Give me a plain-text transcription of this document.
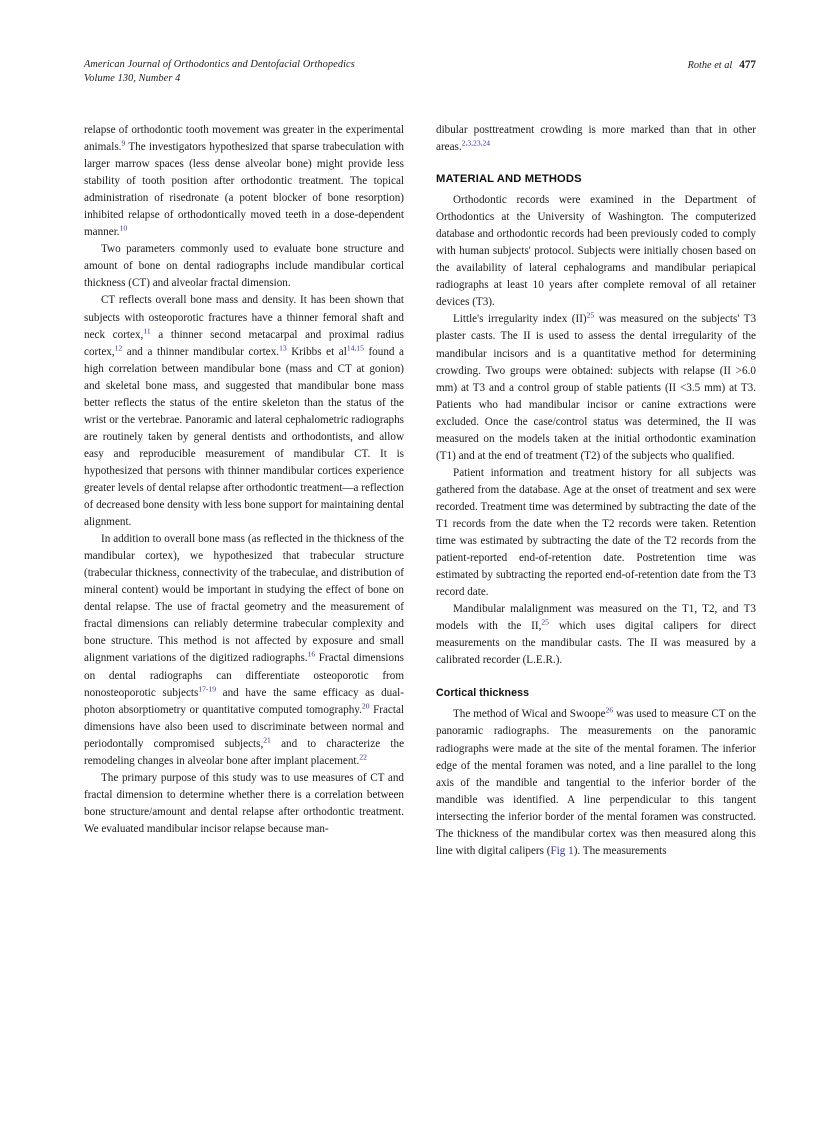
American Journal of Orthodontics and Dentofacial Orthopedics
Volume 130, Number 4
Rothe et al 477

relapse of orthodontic tooth movement was greater in the experimental animals.$^9$ The investigators hypothesized that sparse trabeculation with larger marrow spaces (less dense alveolar bone) might provide less stability of tooth position after orthodontic treatment. The topical administration of risedronate (a potent blocker of bone resorption) inhibited relapse of orthodontically moved teeth in a dose-dependent manner.$^{10}$

Two parameters commonly used to evaluate bone structure and amount of bone on dental radiographs include mandibular cortical thickness (CT) and alveolar fractal dimension.

CT reflects overall bone mass and density. It has been shown that subjects with osteoporotic fractures have a thinner femoral shaft and neck cortex,$^{11}$ a thinner second metacarpal and proximal radius cortex,$^{12}$ and a thinner mandibular cortex.$^{13}$ Kribbs et al$^{14,15}$ found a high correlation between mandibular bone (mass and CT at gonion) and skeletal bone mass, and suggested that mandibular bone mass better reflects the status of the entire skeleton than the status of the wrist or the vertebrae. Panoramic and lateral cephalometric radiographs are routinely taken by general dentists and orthodontists, and allow easy and reproducible measurement of mandibular CT. It is hypothesized that persons with thinner mandibular cortices experience greater levels of dental relapse after orthodontic treatment—a reflection of decreased bone density with less bone support for maintaining dental alignment.

In addition to overall bone mass (as reflected in the thickness of the mandibular cortex), we hypothesized that trabecular structure (trabecular thickness, connectivity of the trabeculae, and distribution of mineral content) would be important in studying the effect of bone on dental relapse. The use of fractal geometry and the measurement of fractal dimensions can reliably determine trabecular complexity and bone structure. This method is not affected by exposure and small alignment variations of the digitized radiographs.$^{16}$ Fractal dimensions on dental radiographs can differentiate osteoporotic from nonosteoporotic subjects$^{17-19}$ and have the same efficacy as dual-photon absorptiometry or quantitative computed tomography.$^{20}$ Fractal dimensions have also been used to discriminate between normal and periodontally compromised subjects,$^{21}$ and to characterize the remodeling changes in alveolar bone after implant placement.$^{22}$

The primary purpose of this study was to use measures of CT and fractal dimension to determine whether there is a correlation between bone structure/amount and dental relapse after orthodontic treatment. We evaluated mandibular incisor relapse because man-

dibular posttreatment crowding is more marked than that in other areas.$^{2,3,23,24}$

MATERIAL AND METHODS

Orthodontic records were examined in the Department of Orthodontics at the University of Washington. The computerized database and orthodontic records had been previously coded to comply with human subjects' protocol. Subjects were initially chosen based on the availability of lateral cephalograms and mandibular periapical radiographs at least 10 years after complete removal of all retainer devices (T3).

Little's irregularity index (II)$^{25}$ was measured on the subjects' T3 plaster casts. The II is used to assess the dental irregularity of the mandibular incisors and is a quantitative method for determining crowding. Two groups were obtained: subjects with relapse (II >6.0 mm) at T3 and a control group of stable patients (II <3.5 mm) at T3. Patients who had mandibular incisor or canine extractions were excluded. Once the case/control status was determined, the II was measured on the models taken at the initial orthodontic examination (T1) and at the end of treatment (T2) of the subjects who qualified.

Patient information and treatment history for all subjects was gathered from the database. Age at the onset of treatment and sex were recorded. Treatment time was determined by subtracting the date of the T1 records from the date when the T2 records were taken. Retention time was estimated by subtracting the date of the T2 records from the patient-reported end-of-retention date. Postretention time was estimated by subtracting the reported end-of-retention date from the T3 record date.

Mandibular malalignment was measured on the T1, T2, and T3 models with the II,$^{25}$ which uses digital calipers for direct measurements on the mandibular casts. The II was measured by a calibrated recorder (L.E.R.).

Cortical thickness

The method of Wical and Swoope$^{26}$ was used to measure CT on the panoramic radiographs. The measurements on the panoramic radiographs were made at the site of the mental foramen. The inferior edge of the mental foramen was noted, and a line parallel to the long axis of the mandible and tangential to the inferior border of the mandible was identified. A line perpendicular to this tangent intersecting the inferior border of the mental foramen was constructed. The thickness of the mandibular cortex was then measured along this line with digital calipers (Fig 1). The measurements
